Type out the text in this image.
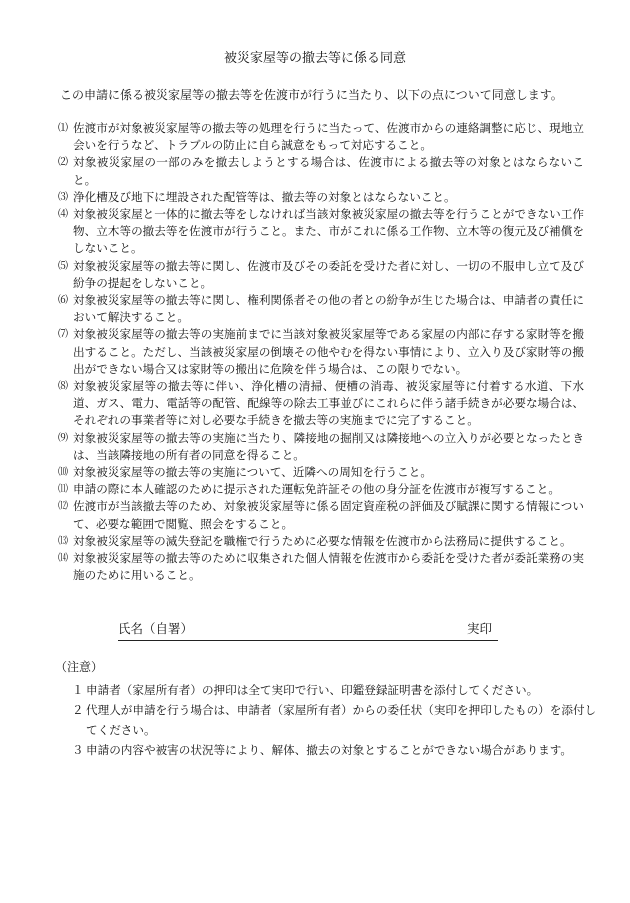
被災家屋等の撤去等に係る同意
この申請に係る被災家屋等の撤去等を佐渡市が行うに当たり、以下の点について同意します。
⑴ 佐渡市が対象被災家屋等の撤去等の処理を行うに当たって、佐渡市からの連絡調整に応じ、現地立会いを行うなど、トラブルの防止に自ら誠意をもって対応すること。
⑵ 対象被災家屋の一部のみを撤去しようとする場合は、佐渡市による撤去等の対象とはならないこと。
⑶ 浄化槽及び地下に埋設された配管等は、撤去等の対象とはならないこと。
⑷ 対象被災家屋と一体的に撤去等をしなければ当該対象被災家屋の撤去等を行うことができない工作物、立木等の撤去等を佐渡市が行うこと。また、市がこれに係る工作物、立木等の復元及び補償をしないこと。
⑸ 対象被災家屋等の撤去等に関し、佐渡市及びその委託を受けた者に対し、一切の不服申し立て及び紛争の提起をしないこと。
⑹ 対象被災家屋等の撤去等に関し、権利関係者その他の者との紛争が生じた場合は、申請者の責任において解決すること。
⑺ 対象被災家屋等の撤去等の実施前までに当該対象被災家屋等である家屋の内部に存する家財等を搬出すること。ただし、当該被災家屋の倒壊その他やむを得ない事情により、立入り及び家財等の搬出ができない場合又は家財等の搬出に危険を伴う場合は、この限りでない。
⑻ 対象被災家屋等の撤去等に伴い、浄化槽の清掃、便槽の消毒、被災家屋等に付着する水道、下水道、ガス、電力、電話等の配管、配線等の除去工事並びにこれらに伴う諸手続きが必要な場合は、それぞれの事業者等に対し必要な手続きを撤去等の実施までに完了すること。
⑼ 対象被災家屋等の撤去等の実施に当たり、隣接地の掘削又は隣接地への立入りが必要となったときは、当該隣接地の所有者の同意を得ること。
⑽ 対象被災家屋等の撤去等の実施について、近隣への周知を行うこと。
⑾ 申請の際に本人確認のために提示された運転免許証その他の身分証を佐渡市が複写すること。
⑿ 佐渡市が当該撤去等のため、対象被災家屋等に係る固定資産税の評価及び賦課に関する情報について、必要な範囲で閲覧、照会をすること。
⒀ 対象被災家屋等の滅失登記を職権で行うために必要な情報を佐渡市から法務局に提供すること。
⒁ 対象被災家屋等の撤去等のために収集された個人情報を佐渡市から委託を受けた者が委託業務の実施のために用いること。
氏名（自署）	実印
（注意）
１ 申請者（家屋所有者）の押印は全て実印で行い、印鑑登録証明書を添付してください。
２ 代理人が申請を行う場合は、申請者（家屋所有者）からの委任状（実印を押印したもの）を添付してください。
３ 申請の内容や被害の状況等により、解体、撤去の対象とすることができない場合があります。
